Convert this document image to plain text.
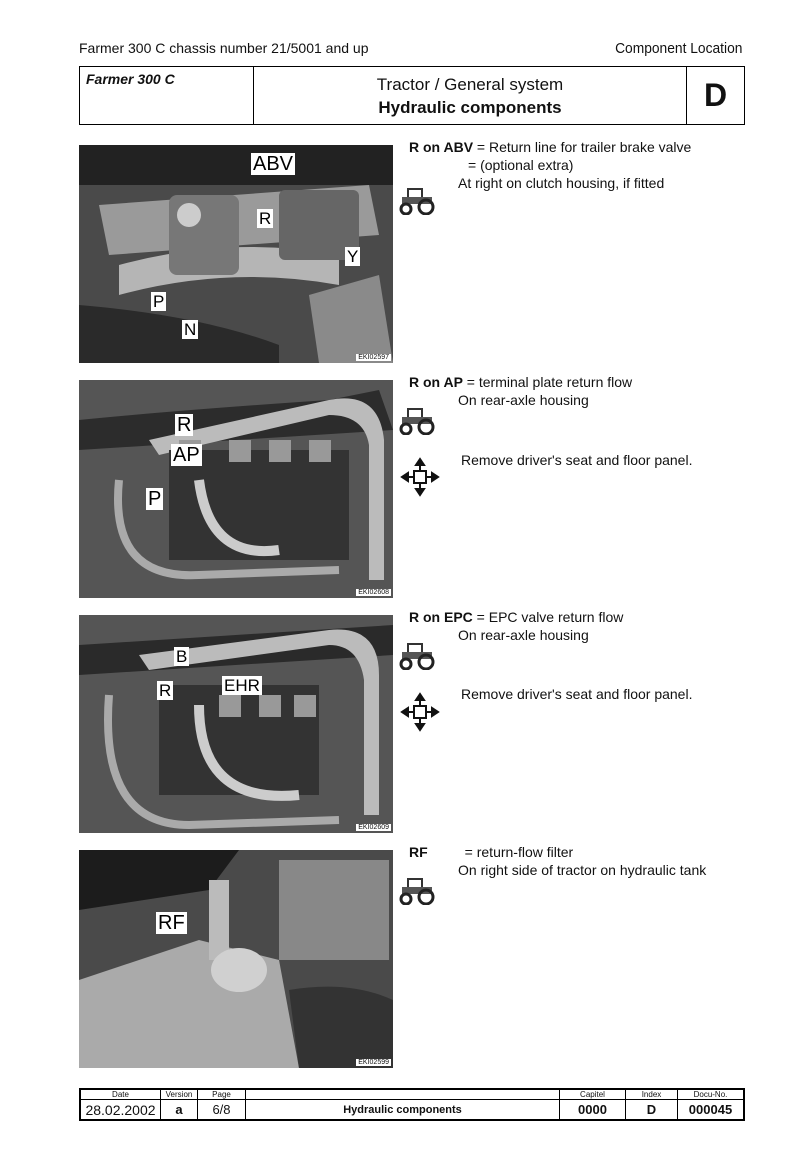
Farmer 300 C chassis number 21/5001 and up	Component Location
Farmer 300 C	Tractor / General system
Hydraulic components	D
ABV
R
Y
P
N
EKI02597
R on ABV = Return line for trailer brake valve
= (optional extra)
At right on clutch housing, if fitted
R
AP
P
EKI02608
R on AP = terminal plate return flow
On rear-axle housing
Remove driver's seat and floor panel.
B
R	EHR
EKI02609
R on EPC = EPC valve return flow
On rear-axle housing
Remove driver's seat and floor panel.
RF
EKI02599
RF	= return-flow filter
On right side of tractor on hydraulic tank
Date	Version	Page		Capitel	Index	Docu-No.
28.02.2002	a	6/8	Hydraulic components	0000	D	000045
